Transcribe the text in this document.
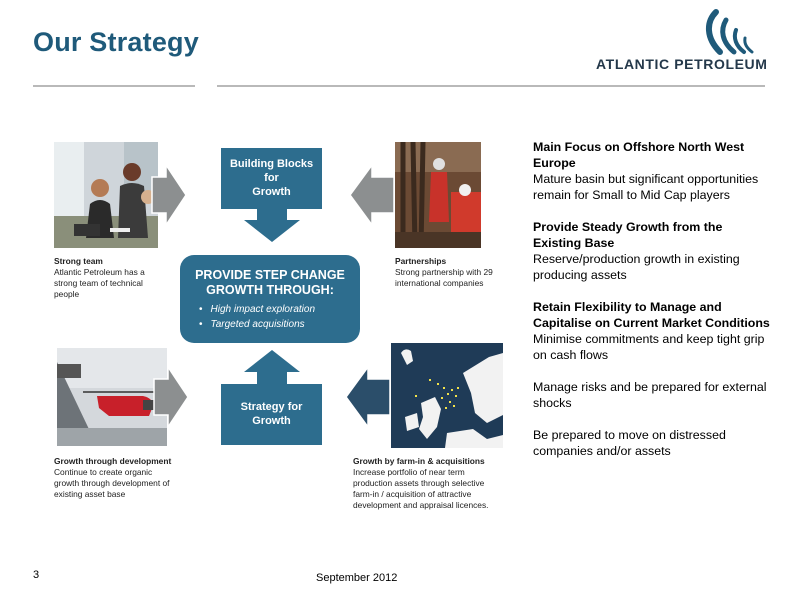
Our Strategy
ATLANTIC PETROLEUM
Strong team
Atlantic Petroleum has a
strong team of technical
people
Building Blocks
for
Growth
Partnerships
Strong partnership with 29
international companies
PROVIDE STEP CHANGE
GROWTH THROUGH:
• High impact exploration
• Targeted acquisitions
Growth through development
Continue to create organic
growth through development of
existing asset base
Strategy for
Growth
Growth by farm-in & acquisitions
Increase portfolio of near term
production assets through selective
farm-in / acquisition of attractive
development and appraisal licences.

Main Focus on Offshore North West Europe
Mature basin but significant opportunities remain for Small to Mid Cap players

Provide Steady Growth from the Existing Base
Reserve/production growth in existing producing assets

Retain Flexibility to Manage and Capitalise on Current Market Conditions
Minimise commitments and keep tight grip on cash flows

Manage risks and be prepared for external shocks

Be prepared to move on distressed companies and/or assets

3	September 2012
